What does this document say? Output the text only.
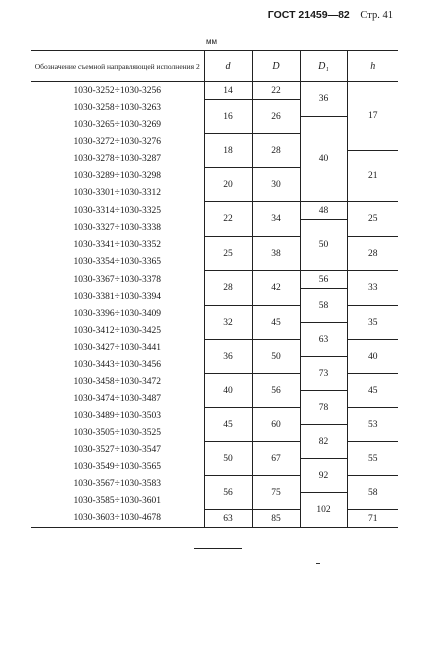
ГОСТ 21459—82 Стр. 41
мм
Обозначение съемной направляющей исполнения 2	d	D	D₁	h
1030-3252÷1030-3256	14	22	36	17
1030-3258÷1030-3263	16	26		
1030-3265÷1030-3269			40	
1030-3272÷1030-3276	18	28		
1030-3278÷1030-3287				21
1030-3289÷1030-3298	20	30		
1030-3301÷1030-3312				
1030-3314÷1030-3325	22	34	48	25
1030-3327÷1030-3338			50	
1030-3341÷1030-3352	25	38		28
1030-3354÷1030-3365				
1030-3367÷1030-3378	28	42	56	33
1030-3381÷1030-3394			58	
1030-3396÷1030-3409	32	45		35
1030-3412÷1030-3425			63	
1030-3427÷1030-3441	36	50		40
1030-3443÷1030-3456			73	
1030-3458÷1030-3472	40	56		45
1030-3474÷1030-3487			78	
1030-3489÷1030-3503	45	60		53
1030-3505÷1030-3525			82	
1030-3527÷1030-3547	50	67		55
1030-3549÷1030-3565			92	
1030-3567÷1030-3583	56	75		58
1030-3585÷1030-3601			102	
1030-3603÷1030-4678	63	85		71
